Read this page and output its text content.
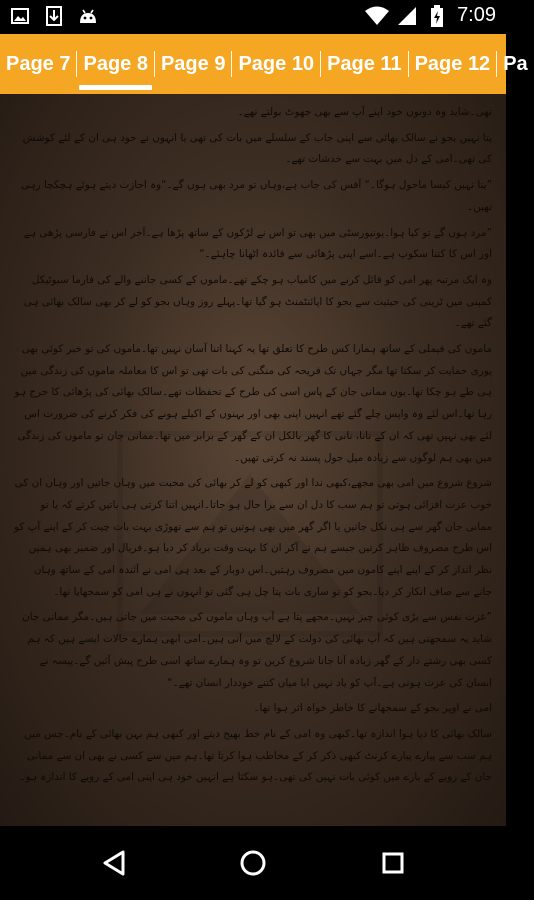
7:09
Page 7 Page 8 Page 9 Page 10 Page 11 Page 12 Pa

تھی۔شاید وہ دونوں خود اپنے آپ سے بھی جھوٹ بولتے تھے۔

پتا نہیں بجو نے سالک بھائی سے اپنی جاب کے سلسلے میں بات کی تھی یا انہوں نے خود ہی ان کے لئے کوشش کی تھی۔امی کے دل میں بہت سے خدشات تھے۔

”پتا نہیں کیسا ماحول ہوگا۔“ آفس کی جاب ہے،وہاں تو مرد بھی ہوں گے۔“وہ اجازت دیتے ہوئے ہچکچا رہی تھیں۔

”مرد ہوں گے تو کیا ہوا۔یونیورسٹی میں بھی تو اس نے لڑکوں کے ساتھ پڑھا ہے۔آخر اس نے فارسی پڑھی ہے اور اس کا کتنا سکوپ ہے۔اسے اپنی پڑھائی سے فائدہ اٹھانا چاہئے۔“

وہ ایک مرتبہ پھر امی کو قائل کرنے میں کامیاب ہو چکے تھے۔ماموں کے کسی جاننے والے کی فارما سیوٹیکل کمپنی میں ٹرینی کی حیثیت سے بجو کا اپائنٹمنٹ ہو گیا تھا۔پہلے روز وہاں بجو کو لے کر بھی سالک بھائی ہی گئے تھے۔

ماموں کی فیملی کے ساتھ ہمارا کس طرح کا تعلق تھا یہ کہنا اتنا آسان نہیں تھا۔ماموں کی تو خیر کوئی بھی پوری حمایت کر سکتا تھا مگر جہاں تک فریحہ کی منگنی کی بات تھی تو اس کا معاملہ ماموں کی زندگی میں ہی طے ہو چکا تھا۔یوں ممانی جان کے پاس اسی کی طرح کے تحفظات تھے۔سالک بھائی کی پڑھائی کا حرج ہو رہا تھا۔اس لئے وہ واپس چلے گئے تھے انہیں اپنی بھی اور بہنوں کے اکیلے ہونے کی فکر کرنے کی ضرورت اس لئے بھی نہیں تھی کہ ان کے نانا، نانی کا گھر بالکل ان کے گھر کے برابر میں تھا۔ممانی جان تو ماموں کی زندگی میں بھی ہم لوگوں سے زیادہ میل جول پسند نہ کرتی تھیں۔

شروع شروع میں امی بھی مجھے،کبھی ندا اور کبھی کو لے کر بھائی کی محبت میں وہاں جاتیں اور وہاں ان کی خوب عزت افزائی ہوتی تو ہم سب کا دل ان سے برا حال ہو جاتا۔انہیں اتنا کرتی ہی باتیں کرتے کہ یا تو ممانی جان گھر سے ہی نکل جاتیں یا اگر گھر میں بھی ہوتیں تو ہم سے تھوڑی بہت بات چیت کر کے اپنے آپ کو اس طرح مصروف ظاہر کرتیں جیسے ہم نے آکر ان کا بہت وقت برباد کر دیا ہو۔فریال اور ضمیر بھی ہمیں نظر انداز کر کے اپنے اپنے کاموں میں مصروف رہتیں۔اس دوبار کے بعد ہی امی نے آئندہ امی کے ساتھ وہاں جانے سے صاف انکار کر دیا۔بجو کو تو ساری بات پتا چل ہی گئی تو انہوں نے ہی امی کو سمجھایا تھا۔

”عزت نفس سے بڑی کوئی چیز نہیں۔مجھے پتا ہے آپ وہاں ماموں کی محبت میں جاتی ہیں۔مگر ممانی جان شاید یہ سمجھتی ہیں کہ آپ بھائی کی دولت کے لالچ میں آتی ہیں۔امی ابھی ہمارے حالات ایسے ہیں کہ ہم کسی بھی رشتے دار کے گھر زیادہ آنا جانا شروع کریں تو وہ ہمارے ساتھ اسی طرح پیش آئیں گے۔پیسہ نے انسان کی عزت ہوتی ہے۔آپ کو یاد نہیں ابا میاں کتنے خوددار انسان تھے۔“

امی نے اوپر بجو کے سمجھانے کا خاطر خواہ اثر ہوا تھا۔

سالک بھائی کا دیا ہوا اندازہ تھا۔کبھی وہ امی کے نام خط بھیج دیتے اور کبھی ہم بہن بھائی کے نام۔جس میں ہم سب سے پیارے پیارے کرنٹ کبھی ذکر کر کے مخاطب ہوا کرتا تھا۔ہم میں سے کسی نے بھی ان سے ممانی جان کے رویے کے بارے میں کوئی بات نہیں کی تھی۔ہو سکتا ہے انہیں خود ہی اپنی امی کے رویے کا اندازہ ہو۔
